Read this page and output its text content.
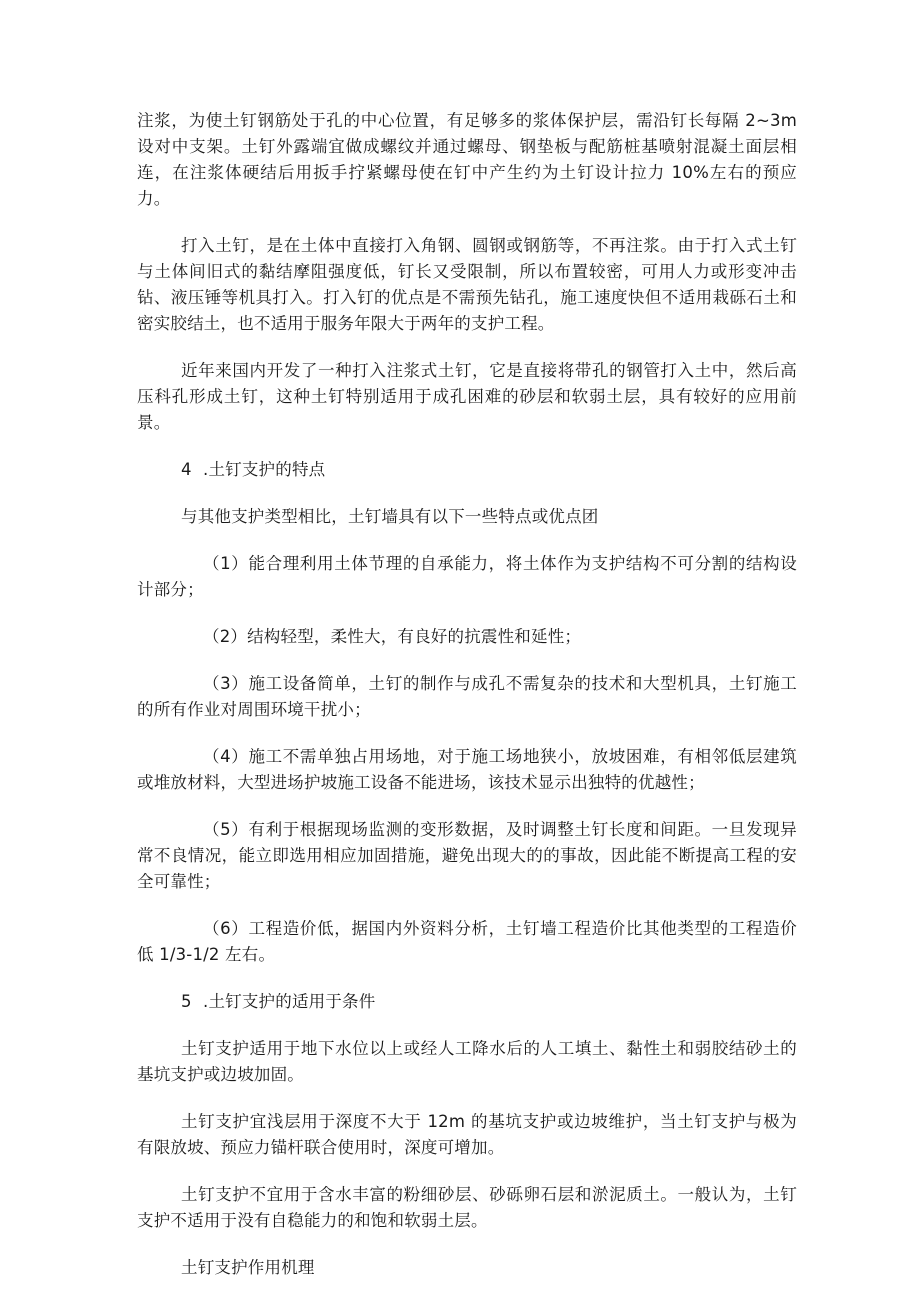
注浆，为使土钉钢筋处于孔的中心位置，有足够多的浆体保护层，需沿钉长每隔 2~3m 设对中支架。土钉外露端宜做成螺纹并通过螺母、钢垫板与配筋桩基喷射混凝土面层相连，在注浆体硬结后用扳手拧紧螺母使在钉中产生约为土钉设计拉力 10%左右的预应力。

打入土钉，是在土体中直接打入角钢、圆钢或钢筋等，不再注浆。由于打入式土钉与土体间旧式的黏结摩阻强度低，钉长又受限制，所以布置较密，可用人力或形变冲击钻、液压锤等机具打入。打入钉的优点是不需预先钻孔，施工速度快但不适用栽砾石土和密实胶结土，也不适用于服务年限大于两年的支护工程。

近年来国内开发了一种打入注浆式土钉，它是直接将带孔的钢管打入土中，然后高压科孔形成土钉，这种土钉特别适用于成孔困难的砂层和软弱土层，具有较好的应用前景。

4 .土钉支护的特点

与其他支护类型相比，土钉墙具有以下一些特点或优点团

（1）能合理利用土体节理的自承能力，将土体作为支护结构不可分割的结构设计部分；

（2）结构轻型，柔性大，有良好的抗震性和延性；

（3）施工设备简单，土钉的制作与成孔不需复杂的技术和大型机具，土钉施工的所有作业对周围环境干扰小；

（4）施工不需单独占用场地，对于施工场地狭小，放坡困难，有相邻低层建筑或堆放材料，大型进场护坡施工设备不能进场，该技术显示出独特的优越性；

（5）有利于根据现场监测的变形数据，及时调整土钉长度和间距。一旦发现异常不良情况，能立即选用相应加固措施，避免出现大的的事故，因此能不断提高工程的安全可靠性；

（6）工程造价低，据国内外资料分析，土钉墙工程造价比其他类型的工程造价低 1/3-1/2 左右。

5 .土钉支护的适用于条件

土钉支护适用于地下水位以上或经人工降水后的人工填土、黏性土和弱胶结砂土的基坑支护或边坡加固。

土钉支护宜浅层用于深度不大于 12m 的基坑支护或边坡维护，当土钉支护与极为有限放坡、预应力锚杆联合使用时，深度可增加。

土钉支护不宜用于含水丰富的粉细砂层、砂砾卵石层和淤泥质土。一般认为，土钉支护不适用于没有自稳能力的和饱和软弱土层。

土钉支护作用机理
